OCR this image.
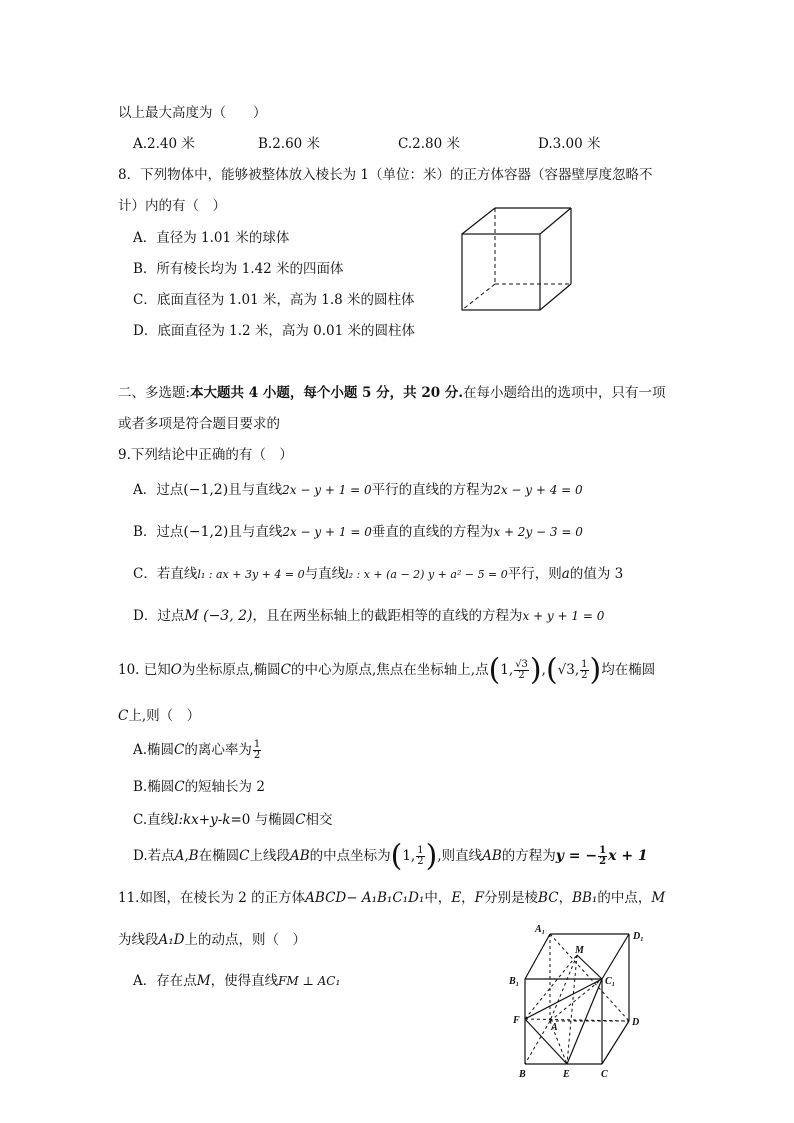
以上最大高度为（　　）
A.2.40 米	B.2.60 米	C.2.80 米	D.3.00 米
8．下列物体中，能够被整体放入棱长为 1（单位：米）的正方体容器（容器壁厚度忽略不
计）内的有（　）
A．直径为 1.01 米的球体
B．所有棱长均为 1.42 米的四面体
C．底面直径为 1.01 米，高为 1.8 米的圆柱体
D．底面直径为 1.2 米，高为 0.01 米的圆柱体
二、多选题:本大题共 4 小题，每个小题 5 分，共 20 分.在每小题给出的选项中，只有一项
或者多项是符合题目要求的
9.下列结论中正确的有（　）
A．过点(−1,2)且与直线2x − y + 1 = 0平行的直线的方程为2x − y + 4 = 0
B．过点(−1,2)且与直线2x − y + 1 = 0垂直的直线的方程为x + 2y − 3 = 0
C．若直线l₁ : ax + 3y + 4 = 0与直线l₂ : x + (a − 2) y + a² − 5 = 0平行，则a的值为 3
D．过点M (−3, 2)，且在两坐标轴上的截距相等的直线的方程为x + y + 1 = 0
10. 已知O为坐标原点,椭圆C的中心为原点,焦点在坐标轴上,点(1, $\frac{√3}{2} ),(√3$, $\frac{1}{2}$ )均在椭圆
C上,则（　）
A.椭圆C的离心率为 $\frac{1}{2}$
B.椭圆C的短轴长为 2
C.直线l:kx+y-k=0 与椭圆C相交
D.若点A,B在椭圆C上线段AB的中点坐标为(1, $\frac{1}{2}$ ),则直线AB的方程为y = − $\frac{1}{2}$ x + 1
11.如图，在棱长为 2 的正方体ABCD− A₁B₁C₁D₁中，E，F分别是棱BC，BB₁的中点，M
为线段A₁D上的动点，则（　）
A．存在点M，使得直线FM ⊥ AC₁
A₁
D₁
B₁	C₁
M
F
A	D
B	E	C
